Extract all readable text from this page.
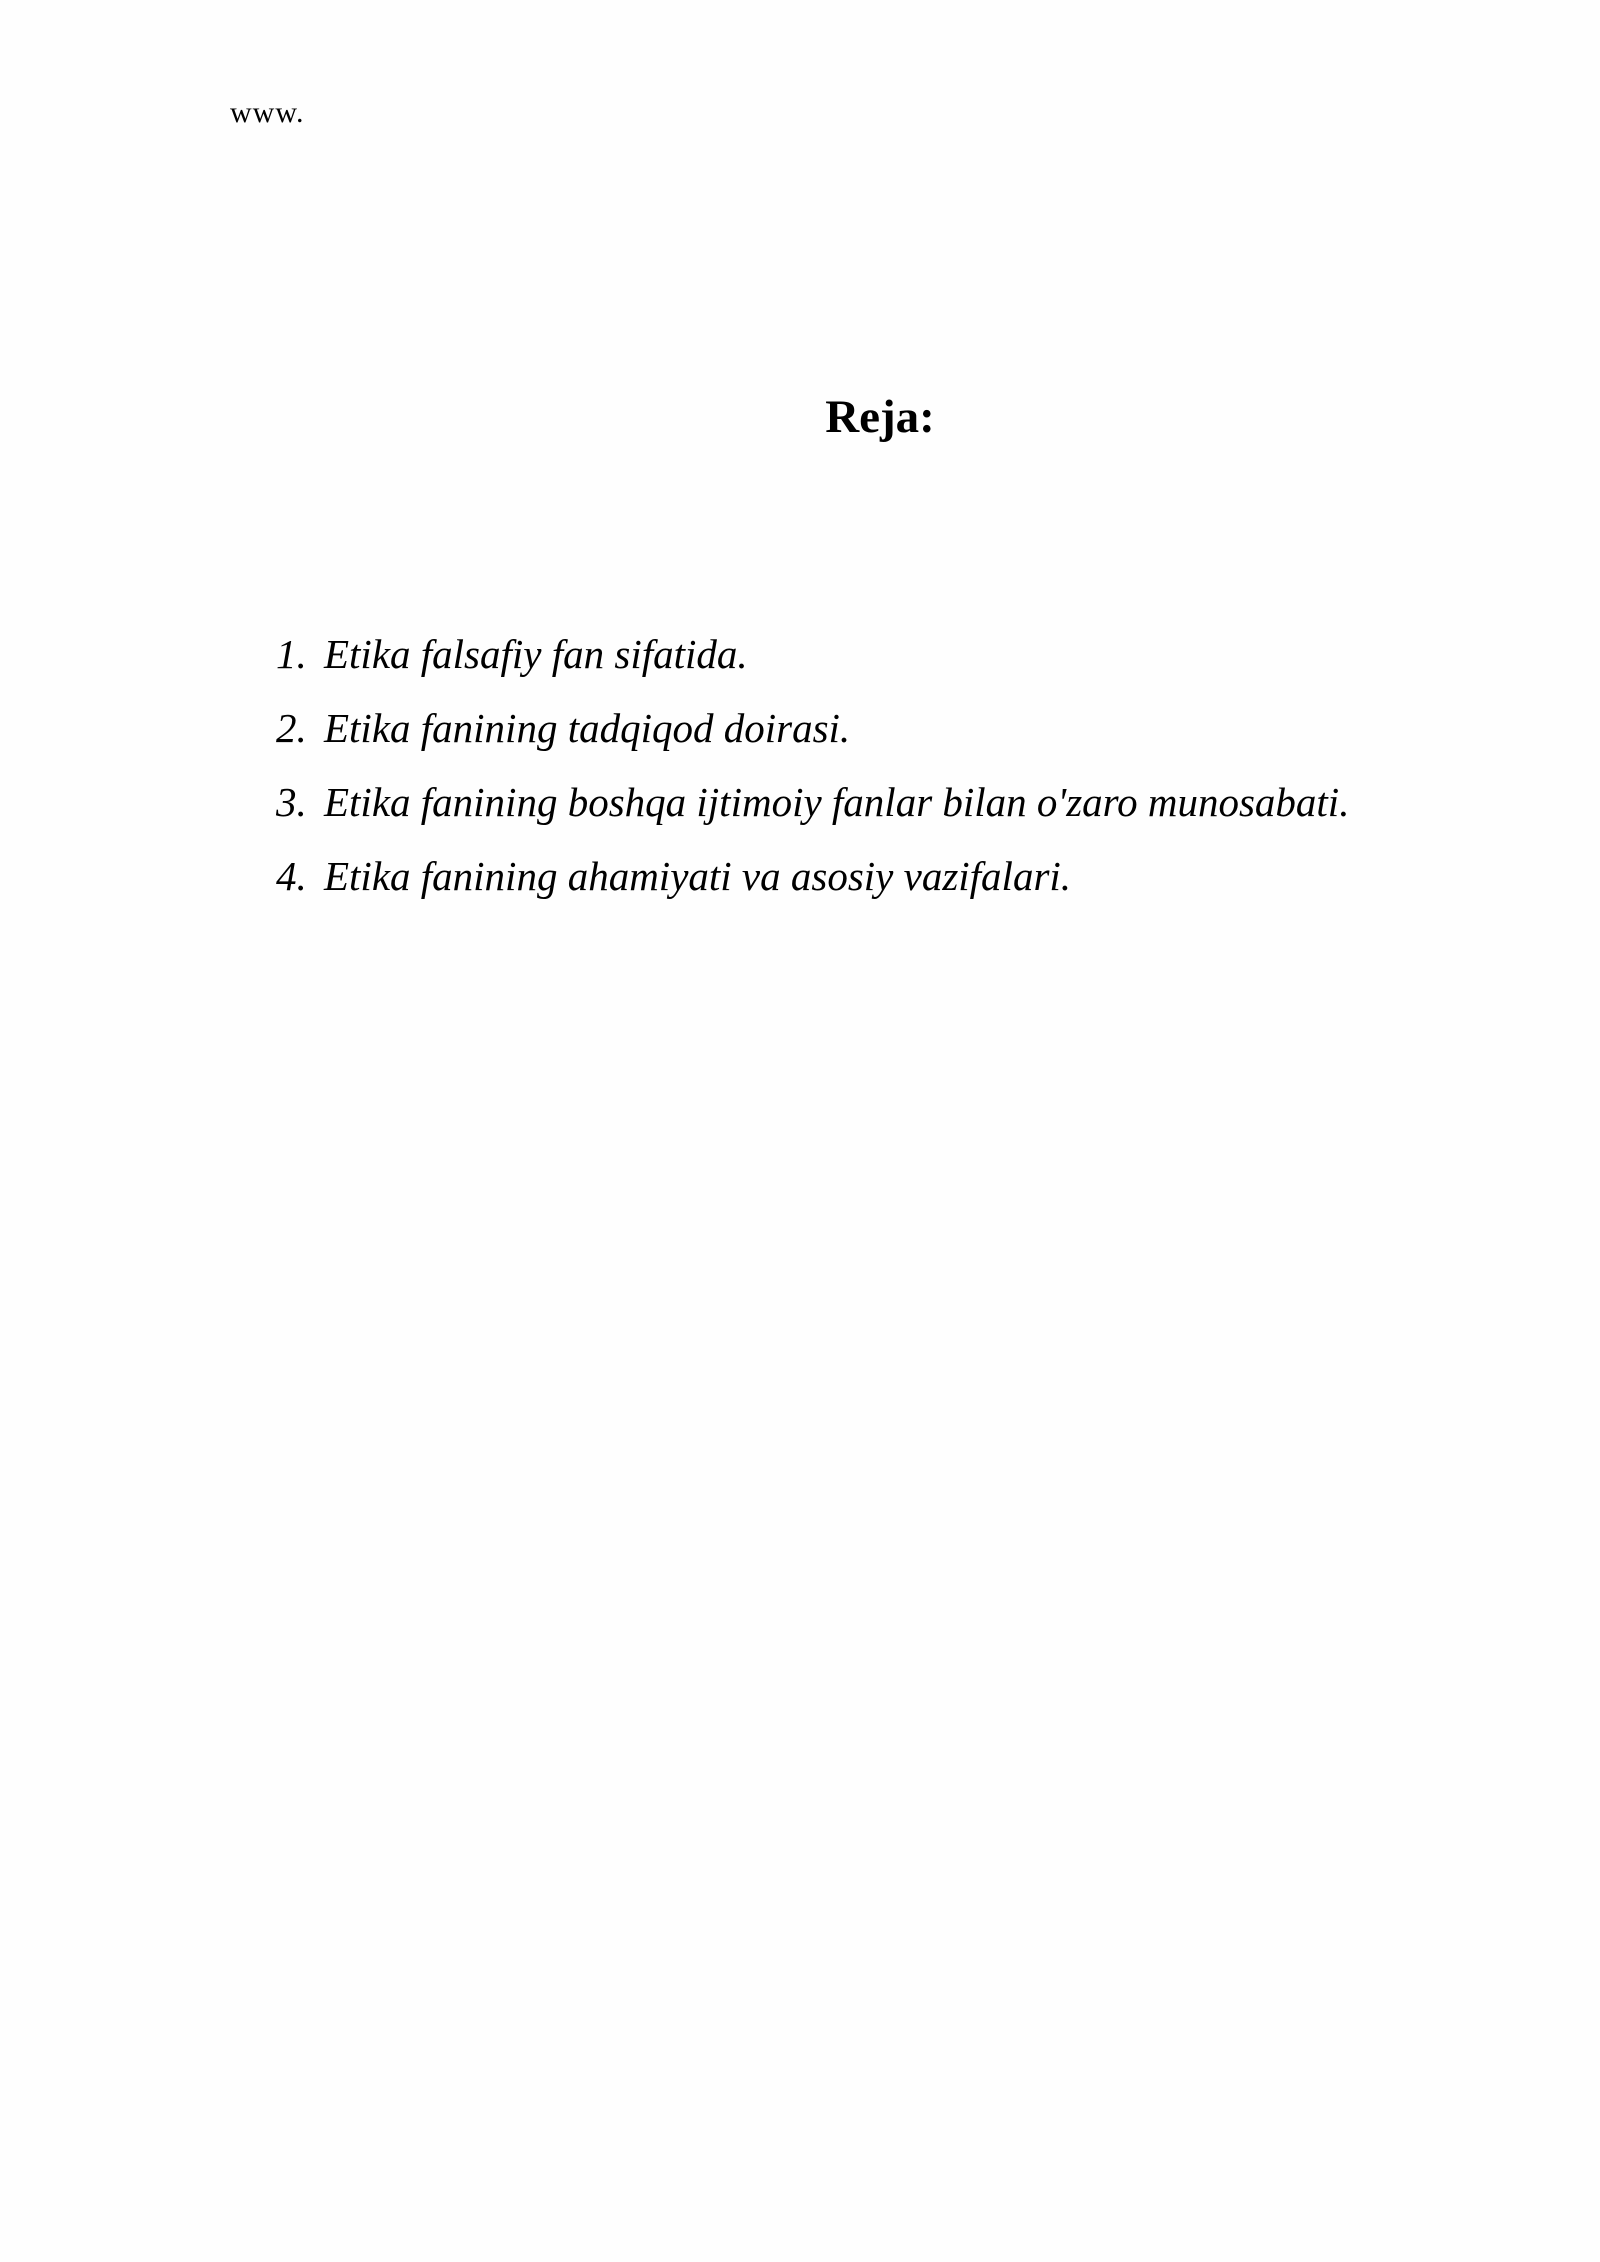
www.
Reja:
1. Etika falsafiy fan sifatida.
2. Etika fanining tadqiqod doirasi.
3. Etika fanining boshqa ijtimoiy fanlar bilan o'zaro munosabati.
4. Etika fanining ahamiyati va asosiy vazifalari.
